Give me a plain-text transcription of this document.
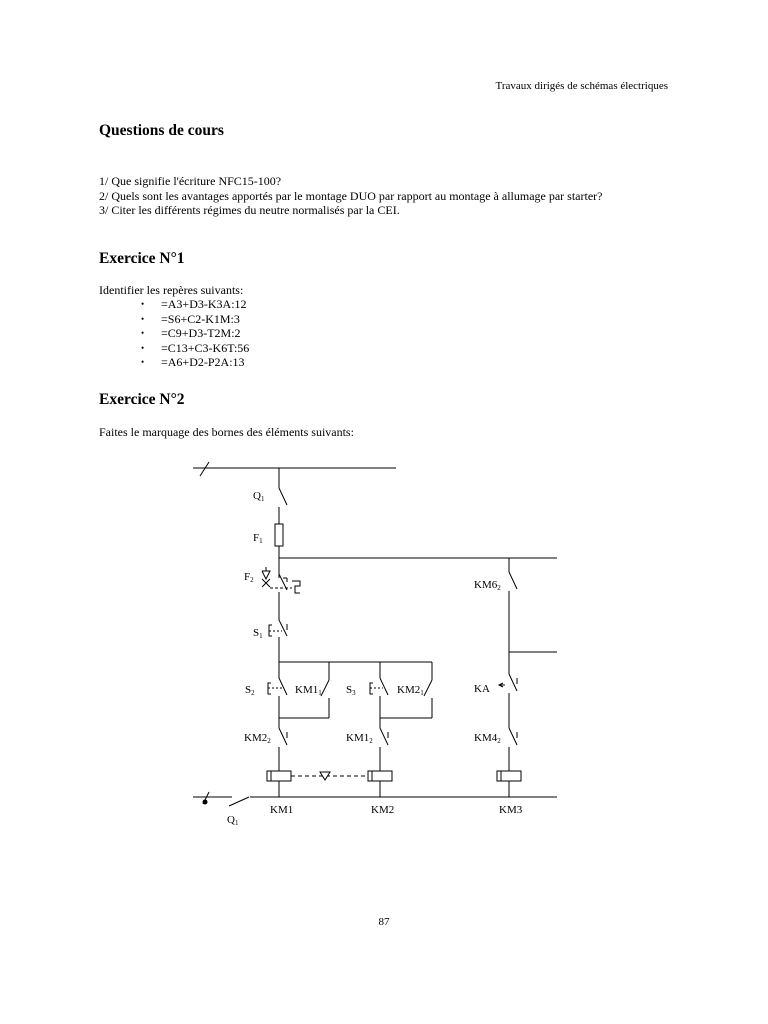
Travaux dirigés de schémas électriques
Questions de cours
1/ Que signifie l'écriture NFC15-100?
2/ Quels sont les avantages apportés par le montage DUO par rapport au montage à allumage par starter?
3/ Citer les différents régimes du neutre normalisés par la CEI.
Exercice N°1
Identifier les repères suivants:
• =A3+D3-K3A:12
• =S6+C2-K1M:3
• =C9+D3-T2M:2
• =C13+C3-K6T:56
• =A6+D2-P2A:13
Exercice N°2
Faites le marquage des bornes des éléments suivants:
Q1
F1
F2
S1
S2	KM11 S3	KM21
KM62
KA
KM22	KM12	KM42
KM1	KM2	KM3
Q1
87
